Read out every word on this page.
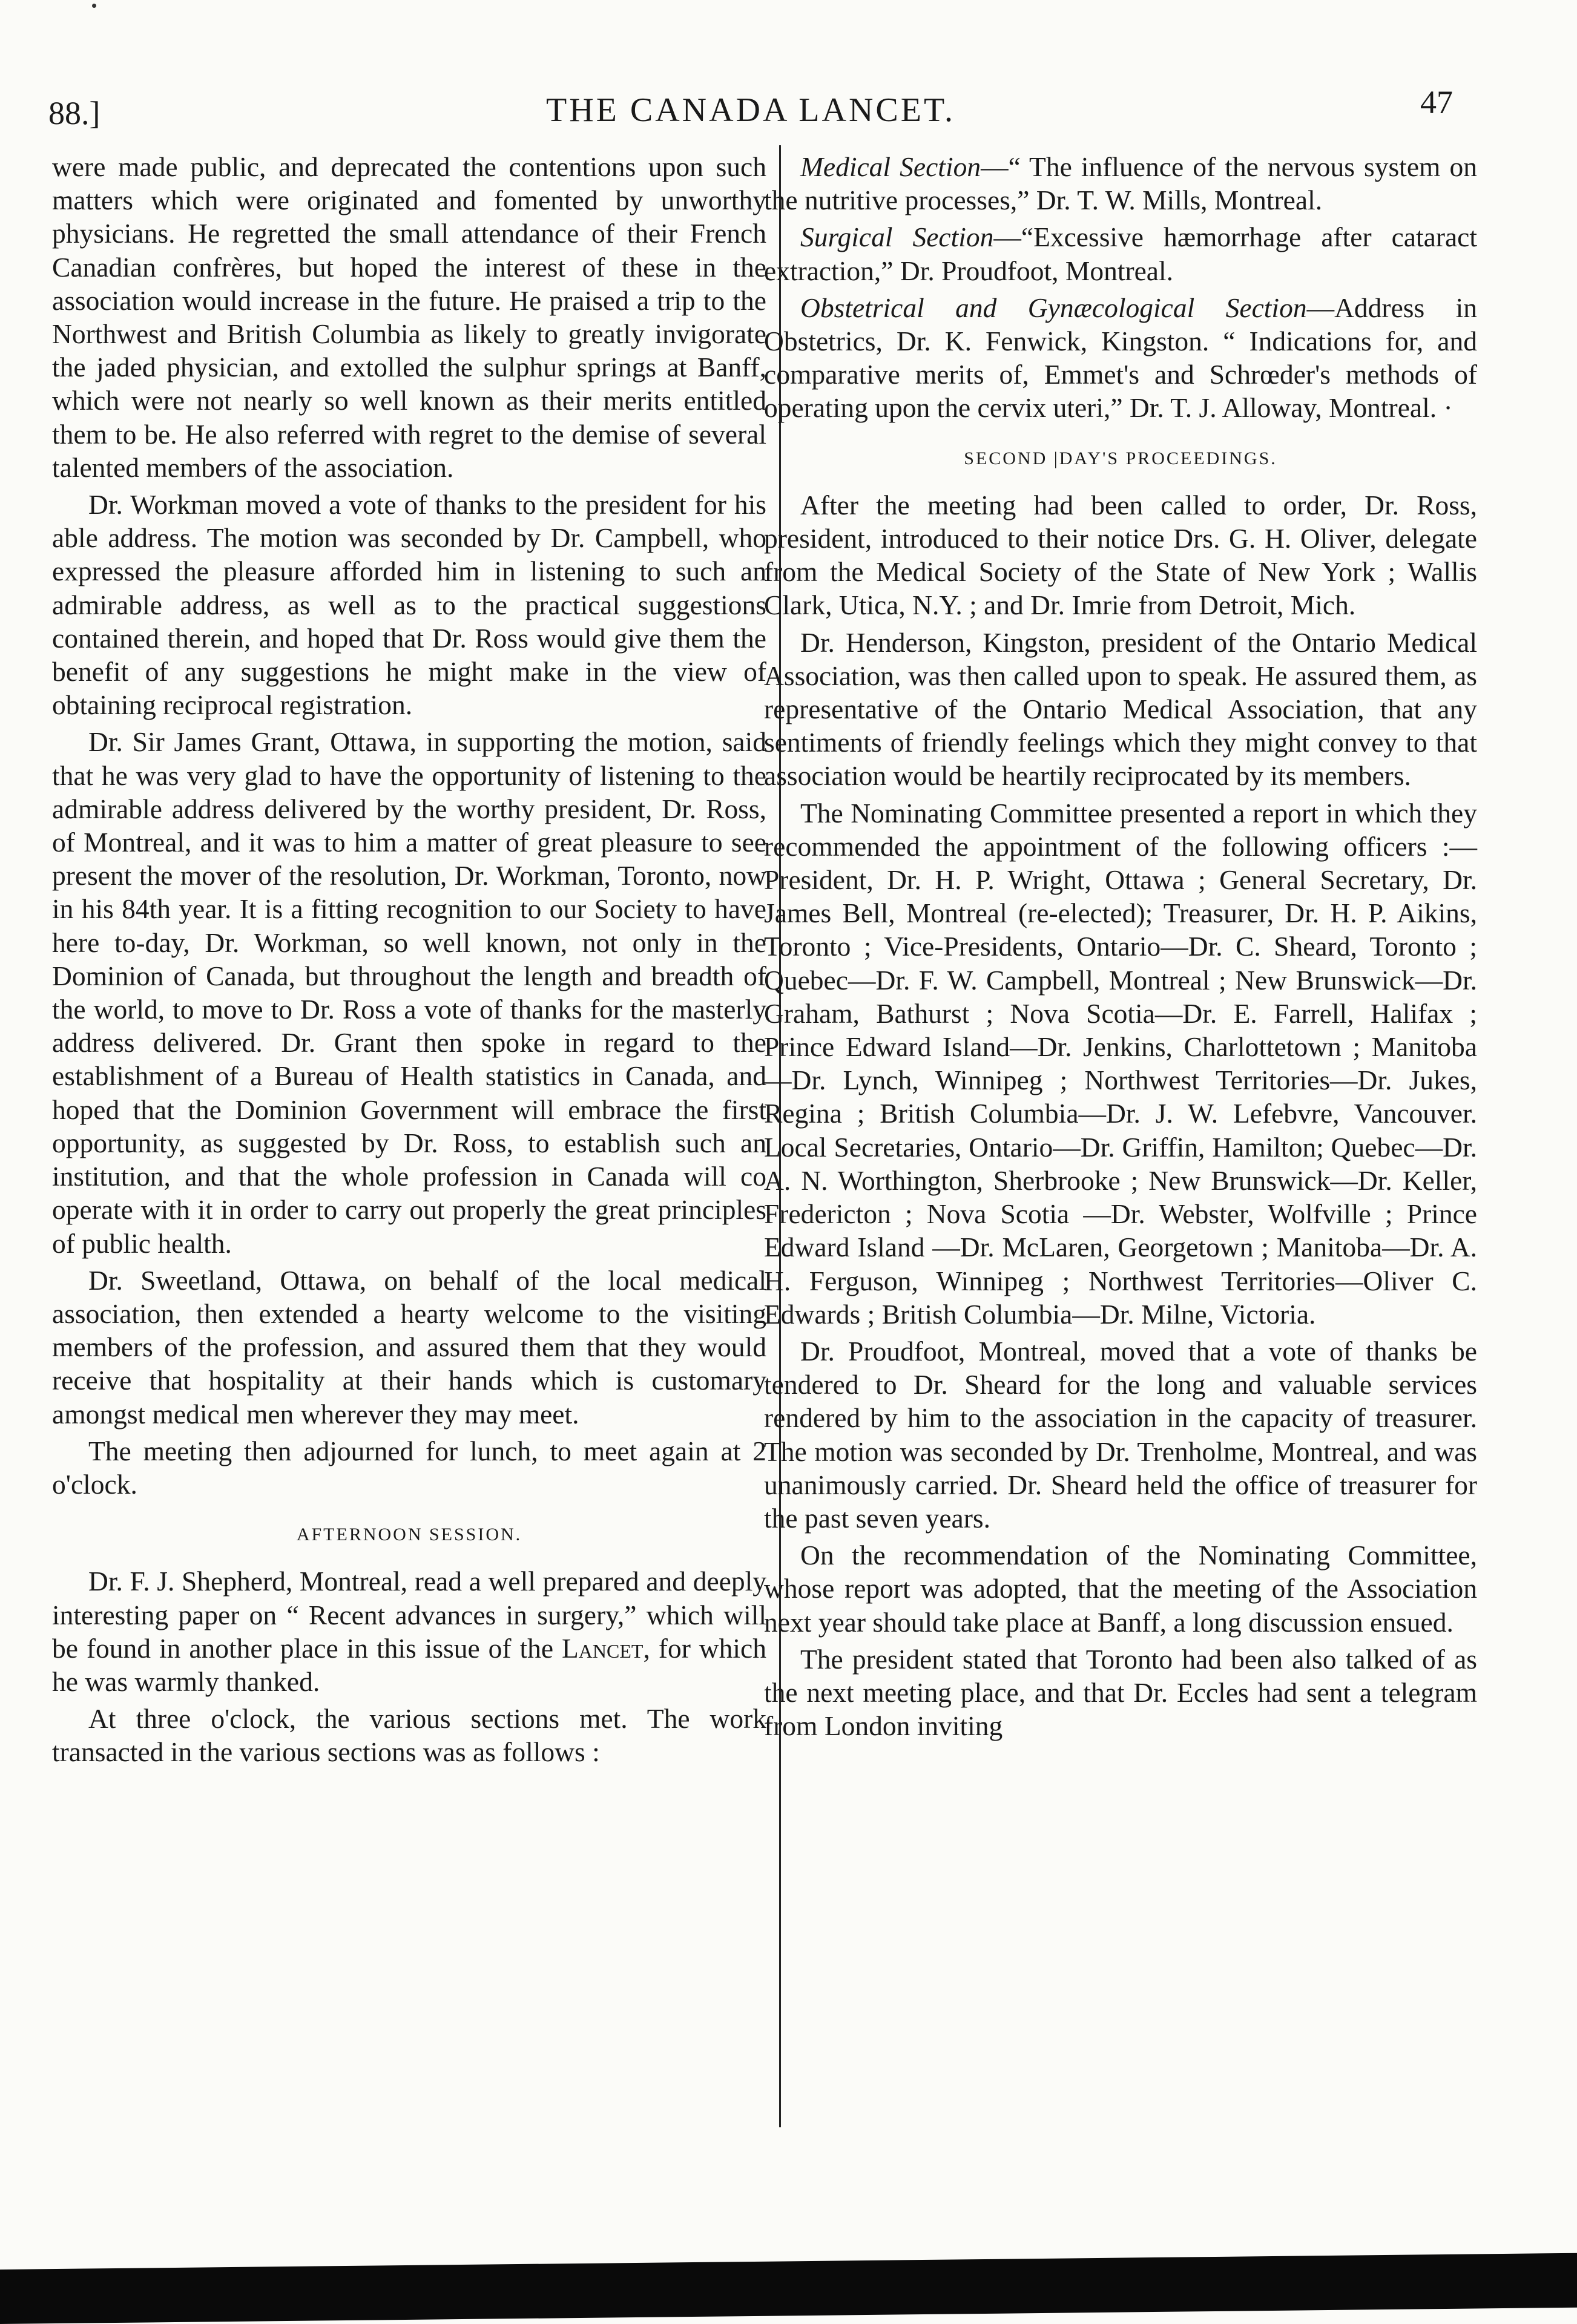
88.]	THE CANADA LANCET.	47

were made public, and deprecated the contentions upon such matters which were originated and fomented by unworthy physicians. He regretted the small attendance of their French Canadian confrères, but hoped the interest of these in the association would increase in the future. He praised a trip to the Northwest and British Columbia as likely to greatly invigorate the jaded physician, and extolled the sulphur springs at Banff, which were not nearly so well known as their merits entitled them to be. He also referred with regret to the demise of several talented members of the association.

Dr. Workman moved a vote of thanks to the president for his able address. The motion was seconded by Dr. Campbell, who expressed the pleasure afforded him in listening to such an admirable address, as well as to the practical suggestions contained therein, and hoped that Dr. Ross would give them the benefit of any suggestions he might make in the view of obtaining reciprocal registration.

Dr. Sir James Grant, Ottawa, in supporting the motion, said that he was very glad to have the opportunity of listening to the admirable address delivered by the worthy president, Dr. Ross, of Montreal, and it was to him a matter of great pleasure to see present the mover of the resolution, Dr. Workman, Toronto, now in his 84th year. It is a fitting recognition to our Society to have here to-day, Dr. Workman, so well known, not only in the Dominion of Canada, but throughout the length and breadth of the world, to move to Dr. Ross a vote of thanks for the masterly address delivered. Dr. Grant then spoke in regard to the establishment of a Bureau of Health statistics in Canada, and hoped that the Dominion Government will embrace the first opportunity, as suggested by Dr. Ross, to establish such an institution, and that the whole profession in Canada will co operate with it in order to carry out properly the great principles of public health.

Dr. Sweetland, Ottawa, on behalf of the local medical association, then extended a hearty welcome to the visiting members of the profession, and assured them that they would receive that hospitality at their hands which is customary amongst medical men wherever they may meet.

The meeting then adjourned for lunch, to meet again at 2 o'clock.

AFTERNOON SESSION.

Dr. F. J. Shepherd, Montreal, read a well prepared and deeply interesting paper on “ Recent advances in surgery,” which will be found in another place in this issue of the Lancet, for which he was warmly thanked.

At three o'clock, the various sections met. The work transacted in the various sections was as follows :

Medical Section—“ The influence of the nervous system on the nutritive processes,” Dr. T. W. Mills, Montreal.

Surgical Section—“Excessive hæmorrhage after cataract extraction,” Dr. Proudfoot, Montreal.

Obstetrical and Gynæcological Section—Address in Obstetrics, Dr. K. Fenwick, Kingston. “ Indications for, and comparative merits of, Emmet's and Schrœder's methods of operating upon the cervix uteri,” Dr. T. J. Alloway, Montreal. ·

SECOND |DAY'S PROCEEDINGS.

After the meeting had been called to order, Dr. Ross, president, introduced to their notice Drs. G. H. Oliver, delegate from the Medical Society of the State of New York ; Wallis Clark, Utica, N.Y. ; and Dr. Imrie from Detroit, Mich.

Dr. Henderson, Kingston, president of the Ontario Medical Association, was then called upon to speak. He assured them, as representative of the Ontario Medical Association, that any sentiments of friendly feelings which they might convey to that association would be heartily reciprocated by its members.

The Nominating Committee presented a report in which they recommended the appointment of the following officers :—President, Dr. H. P. Wright, Ottawa ; General Secretary, Dr. James Bell, Montreal (re-elected); Treasurer, Dr. H. P. Aikins, Toronto ; Vice-Presidents, Ontario—Dr. C. Sheard, Toronto ; Quebec—Dr. F. W. Campbell, Montreal ; New Brunswick—Dr. Graham, Bathurst ; Nova Scotia—Dr. E. Farrell, Halifax ; Prince Edward Island—Dr. Jenkins, Charlottetown ; Manitoba—Dr. Lynch, Winnipeg ; Northwest Territories—Dr. Jukes, Regina ; British Columbia—Dr. J. W. Lefebvre, Vancouver. Local Secretaries, Ontario—Dr. Griffin, Hamilton; Quebec—Dr. A. N. Worthington, Sherbrooke ; New Brunswick—Dr. Keller, Fredericton ; Nova Scotia —Dr. Webster, Wolfville ; Prince Edward Island —Dr. McLaren, Georgetown ; Manitoba—Dr. A. H. Ferguson, Winnipeg ; Northwest Territories—Oliver C. Edwards ; British Columbia—Dr. Milne, Victoria.

Dr. Proudfoot, Montreal, moved that a vote of thanks be tendered to Dr. Sheard for the long and valuable services rendered by him to the association in the capacity of treasurer. The motion was seconded by Dr. Trenholme, Montreal, and was unanimously carried. Dr. Sheard held the office of treasurer for the past seven years.

On the recommendation of the Nominating Committee, whose report was adopted, that the meeting of the Association next year should take place at Banff, a long discussion ensued.

The president stated that Toronto had been also talked of as the next meeting place, and that Dr. Eccles had sent a telegram from London inviting
